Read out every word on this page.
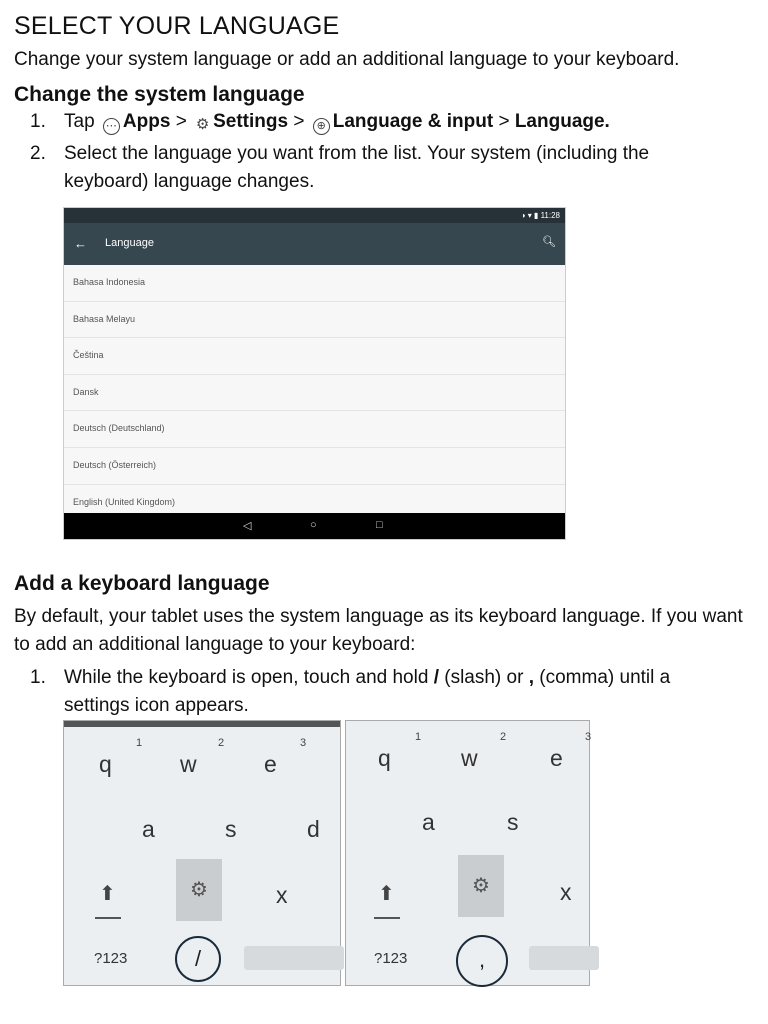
SELECT YOUR LANGUAGE
Change your system language or add an additional language to your keyboard.
Change the system language
1. Tap ⋯ Apps > ⚙ Settings > ⊕ Language & input > Language.
2. Select the language you want from the list. Your system (including the keyboard) language changes.
◑ ▾ ▮ 11:28
← Language	🔍︎
Bahasa Indonesia
Bahasa Melayu
Čeština
Dansk
Deutsch (Deutschland)
Deutsch (Österreich)
English (United Kingdom)
◁	○	□
Add a keyboard language
By default, your tablet uses the system language as its keyboard language. If you want to add an additional language to your keyboard:
1. While the keyboard is open, touch and hold / (slash) or , (comma) until a settings icon appears.
1
q
2
w
3
e
a	s	d
⬆	⚙	x
?123	/
1
q
2
w
3
e
a	s
⬆	⚙	x
?123	,
